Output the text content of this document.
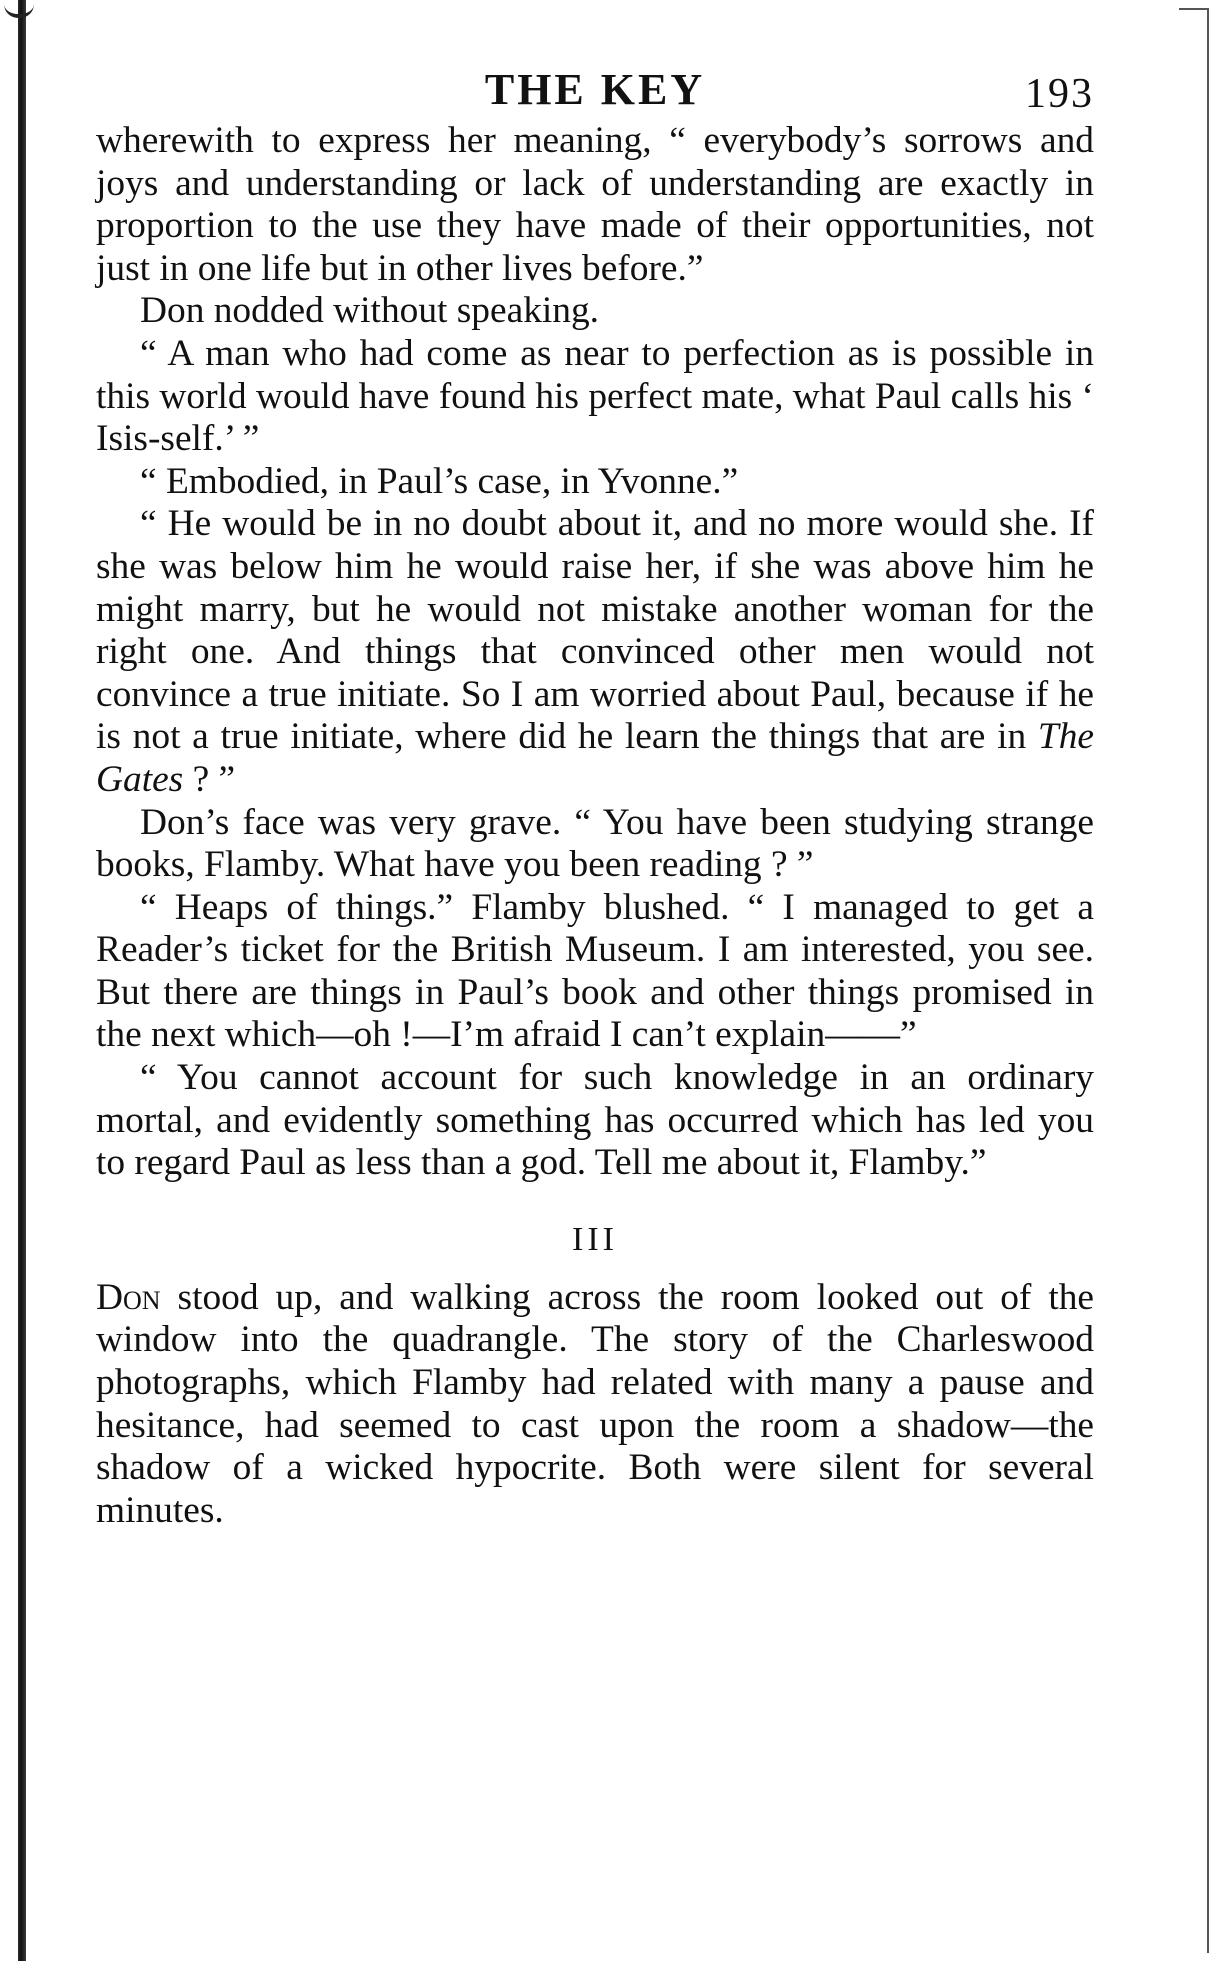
THE KEY	193

wherewith to express her meaning, “ everybody’s sorrows and joys and understanding or lack of understanding are exactly in proportion to the use they have made of their opportunities, not just in one life but in other lives before.”

Don nodded without speaking.

“ A man who had come as near to perfection as is possible in this world would have found his perfect mate, what Paul calls his ‘ Isis-self.’ ”

“ Embodied, in Paul’s case, in Yvonne.”

“ He would be in no doubt about it, and no more would she. If she was below him he would raise her, if she was above him he might marry, but he would not mistake another woman for the right one. And things that convinced other men would not convince a true initiate. So I am worried about Paul, because if he is not a true initiate, where did he learn the things that are in The Gates ? ”

Don’s face was very grave. “ You have been studying strange books, Flamby. What have you been reading ? ”

“ Heaps of things.” Flamby blushed. “ I managed to get a Reader’s ticket for the British Museum. I am interested, you see. But there are things in Paul’s book and other things promised in the next which—oh !—I’m afraid I can’t explain——”

“ You cannot account for such knowledge in an ordinary mortal, and evidently something has occurred which has led you to regard Paul as less than a god. Tell me about it, Flamby.”

III

Don stood up, and walking across the room looked out of the window into the quadrangle. The story of the Charleswood photographs, which Flamby had related with many a pause and hesitance, had seemed to cast upon the room a shadow—the shadow of a wicked hypocrite. Both were silent for several minutes.
